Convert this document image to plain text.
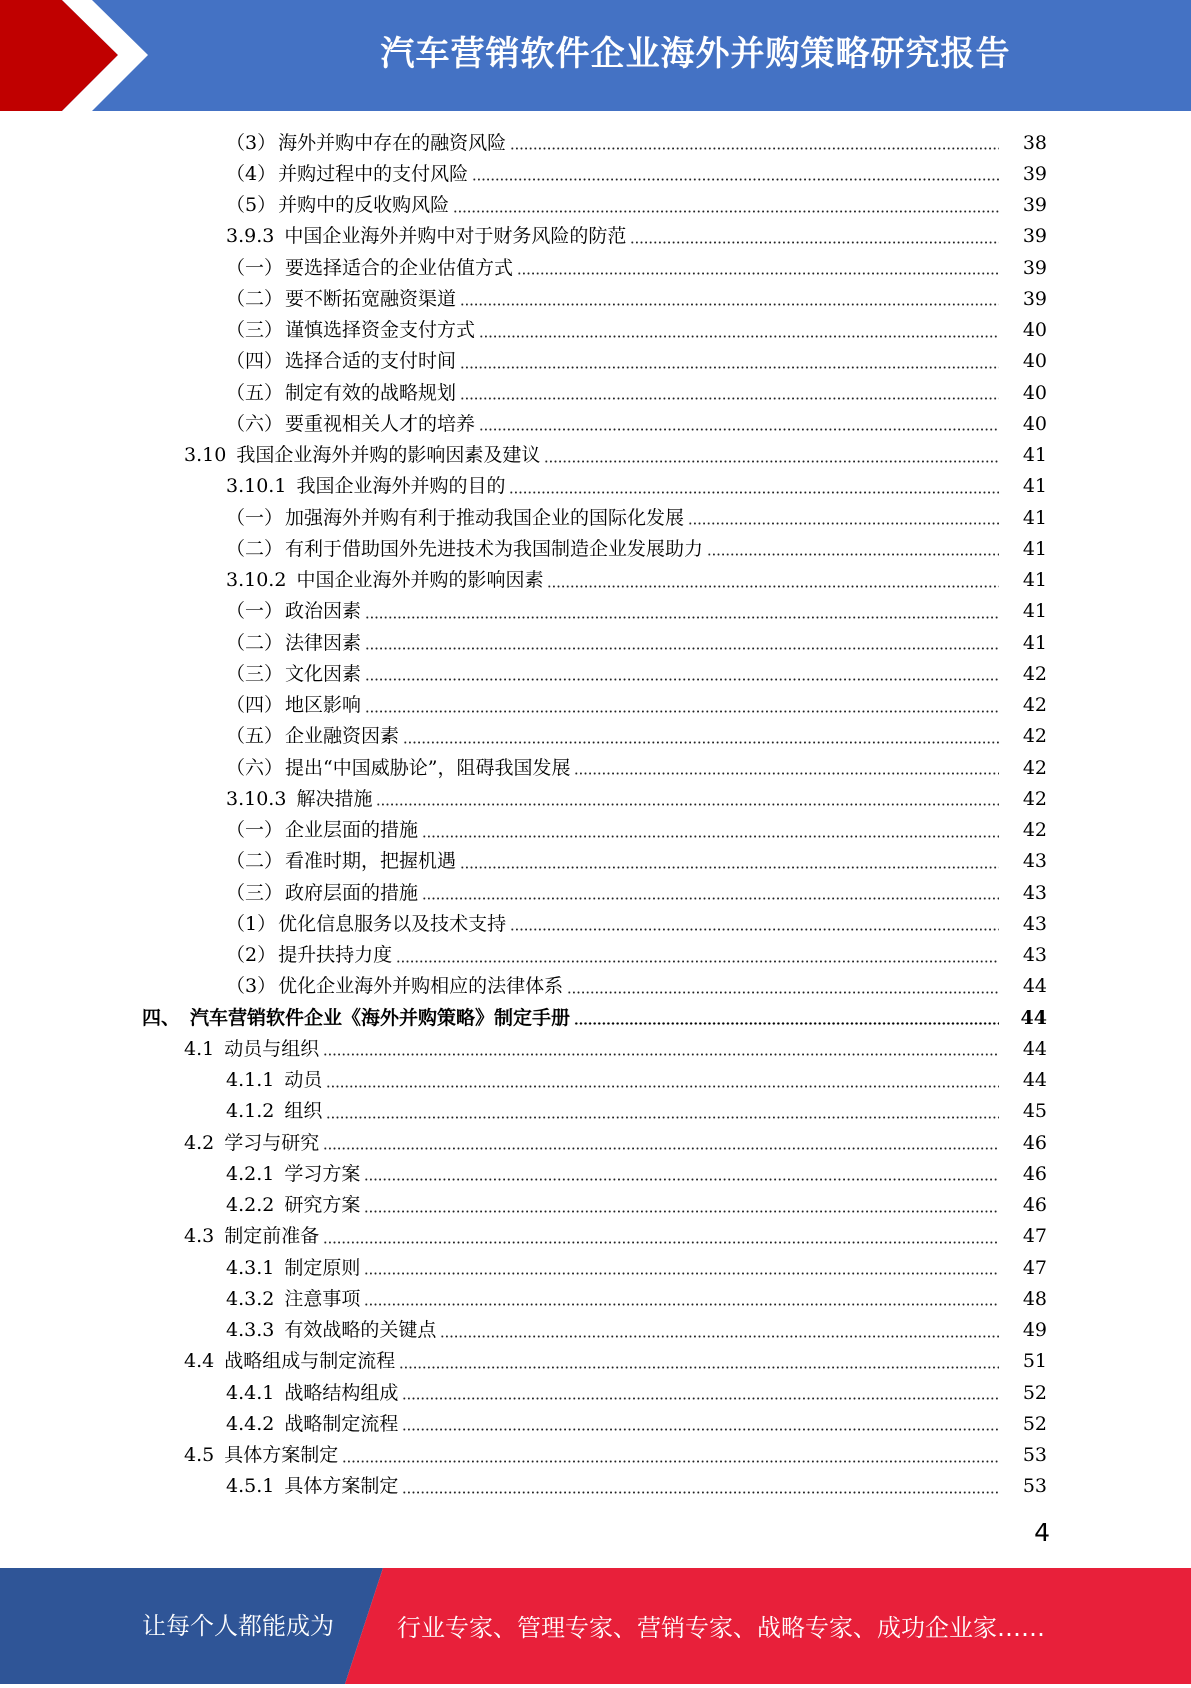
汽车营销软件企业海外并购策略研究报告
（3） 海外并购中存在的融资风险	38
（4） 并购过程中的支付风险	39
（5） 并购中的反收购风险	39
3.9.3 中国企业海外并购中对于财务风险的防范	39
（一） 要选择适合的企业估值方式	39
（二） 要不断拓宽融资渠道	39
（三） 谨慎选择资金支付方式	40
（四） 选择合适的支付时间	40
（五） 制定有效的战略规划	40
（六） 要重视相关人才的培养	40
3.10 我国企业海外并购的影响因素及建议	41
3.10.1 我国企业海外并购的目的	41
（一） 加强海外并购有利于推动我国企业的国际化发展	41
（二） 有利于借助国外先进技术为我国制造企业发展助力	41
3.10.2 中国企业海外并购的影响因素	41
（一） 政治因素	41
（二） 法律因素	41
（三） 文化因素	42
（四） 地区影响	42
（五） 企业融资因素	42
（六） 提出“中国威胁论”，阻碍我国发展	42
3.10.3 解决措施	42
（一） 企业层面的措施	42
（二） 看准时期，把握机遇	43
（三） 政府层面的措施	43
（1） 优化信息服务以及技术支持	43
（2） 提升扶持力度	43
（3） 优化企业海外并购相应的法律体系	44
四、 汽车营销软件企业《海外并购策略》制定手册	44
4.1 动员与组织	44
4.1.1 动员	44
4.1.2 组织	45
4.2 学习与研究	46
4.2.1 学习方案	46
4.2.2 研究方案	46
4.3 制定前准备	47
4.3.1 制定原则	47
4.3.2 注意事项	48
4.3.3 有效战略的关键点	49
4.4 战略组成与制定流程	51
4.4.1 战略结构组成	52
4.4.2 战略制定流程	52
4.5 具体方案制定	53
4.5.1 具体方案制定	53
4
让每个人都能成为	行业专家、管理专家、营销专家、战略专家、成功企业家……
